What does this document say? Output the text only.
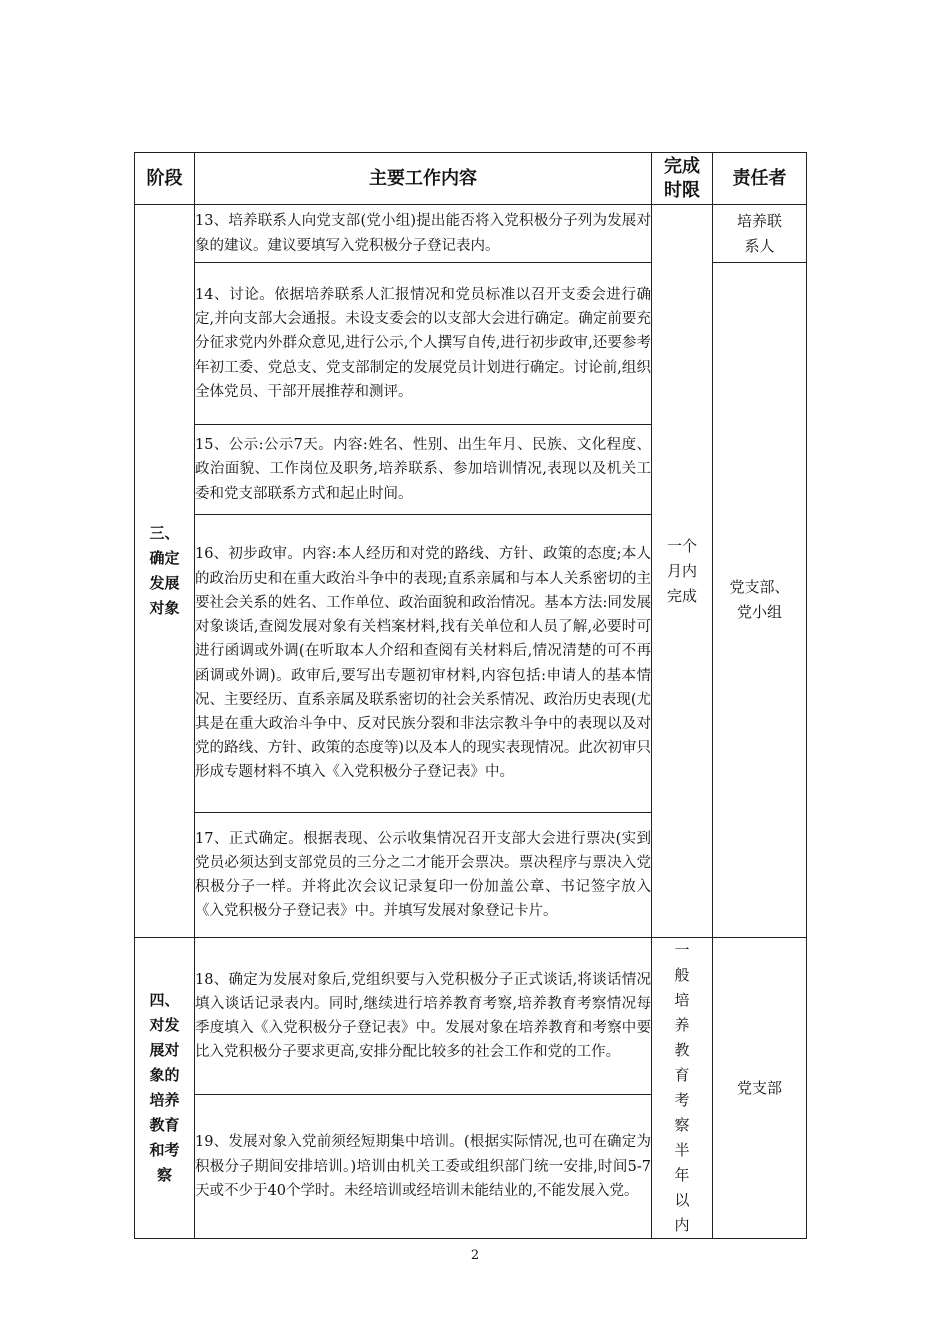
阶段	主要工作内容	完成时限	责任者
三、确定发展对象	13、培养联系人向党支部(党小组)提出能否将入党积极分子列为发展对象的建议。建议要填写入党积极分子登记表内。	一个月内完成	培养联系人
	14、讨论。依据培养联系人汇报情况和党员标准以召开支委会进行确定,并向支部大会通报。未设支委会的以支部大会进行确定。确定前要充分征求党内外群众意见,进行公示,个人撰写自传,进行初步政审,还要参考年初工委、党总支、党支部制定的发展党员计划进行确定。讨论前,组织全体党员、干部开展推荐和测评。		党支部、党小组
	15、公示:公示7天。内容:姓名、性别、出生年月、民族、文化程度、政治面貌、工作岗位及职务,培养联系、参加培训情况,表现以及机关工委和党支部联系方式和起止时间。		
	16、初步政审。内容:本人经历和对党的路线、方针、政策的态度;本人的政治历史和在重大政治斗争中的表现;直系亲属和与本人关系密切的主要社会关系的姓名、工作单位、政治面貌和政治情况。基本方法:同发展对象谈话,查阅发展对象有关档案材料,找有关单位和人员了解,必要时可进行函调或外调(在听取本人介绍和查阅有关材料后,情况清楚的可不再函调或外调)。政审后,要写出专题初审材料,内容包括:申请人的基本情况、主要经历、直系亲属及联系密切的社会关系情况、政治历史表现(尤其是在重大政治斗争中、反对民族分裂和非法宗教斗争中的表现以及对党的路线、方针、政策的态度等)以及本人的现实表现情况。此次初审只形成专题材料不填入《入党积极分子登记表》中。		
	17、正式确定。根据表现、公示收集情况召开支部大会进行票决(实到党员必须达到支部党员的三分之二才能开会票决。票决程序与票决入党积极分子一样。并将此次会议记录复印一份加盖公章、书记签字放入《入党积极分子登记表》中。并填写发展对象登记卡片。		
四、对发展对象的培养教育和考察	18、确定为发展对象后,党组织要与入党积极分子正式谈话,将谈话情况填入谈话记录表内。同时,继续进行培养教育考察,培养教育考察情况每季度填入《入党积极分子登记表》中。发展对象在培养教育和考察中要比入党积极分子要求更高,安排分配比较多的社会工作和党的工作。	一般培养教育考察半年以内	党支部
	19、发展对象入党前须经短期集中培训。(根据实际情况,也可在确定为积极分子期间安排培训。)培训由机关工委或组织部门统一安排,时间5-7天或不少于40个学时。未经培训或经培训未能结业的,不能发展入党。		
2
